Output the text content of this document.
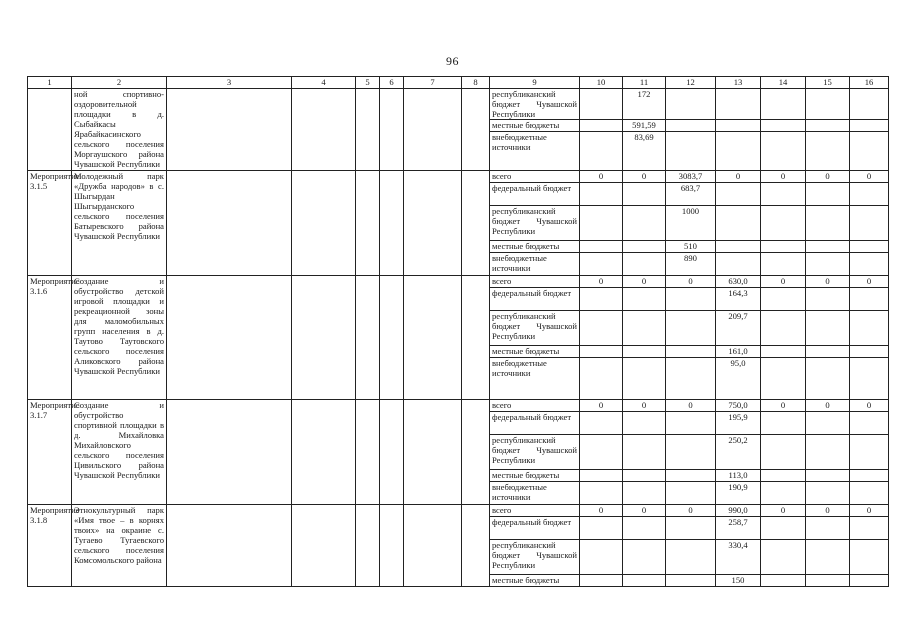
96
1	2	3	4	5	6	7	8	9	10	11	12	13	14	15	16
	ной спортивно-оздоровительной площадки в д. Сыбайкасы Ярабайкасинского сельского поселения Моргаушского района Чувашской Республики							республиканский бюджет Чувашской Республики		172					
								местные бюджеты		591,59					
								внебюджетные источники		83,69					
Мероприятие 3.1.5	Молодежный парк «Дружба народов» в с. Шыгырдан Шыгырданского сельского поселения Батыревского района Чувашской Республики							всего	0	0	3083,7	0	0	0	0
								федеральный бюджет			683,7				
								республиканский бюджет Чувашской Республики			1000				
								местные бюджеты			510				
								внебюджетные источники			890				
Мероприятие 3.1.6	Создание и обустройство детской игровой площадки и рекреационной зоны для маломобильных групп населения в д. Таутово Таутовского сельского поселения Аликовского района Чувашской Республики							всего	0	0	0	630,0	0	0	0
								федеральный бюджет				164,3			
								республиканский бюджет Чувашской Республики				209,7			
								местные бюджеты				161,0			
								внебюджетные источники				95,0			
Мероприятие 3.1.7	Создание и обустройство спортивной площадки в д. Михайловка Михайловского сельского поселения Цивильского района Чувашской Республики							всего	0	0	0	750,0	0	0	0
								федеральный бюджет				195,9			
								республиканский бюджет Чувашской Республики				250,2			
								местные бюджеты				113,0			
								внебюджетные источники				190,9			
Мероприятие 3.1.8	Этнокультурный парк «Имя твое – в корнях твоих» на окраине с. Тугаево Тугаевского сельского поселения Комсомольского района							всего	0	0	0	990,0	0	0	0
								федеральный бюджет				258,7			
								республиканский бюджет Чувашской Республики				330,4			
								местные бюджеты				150			
